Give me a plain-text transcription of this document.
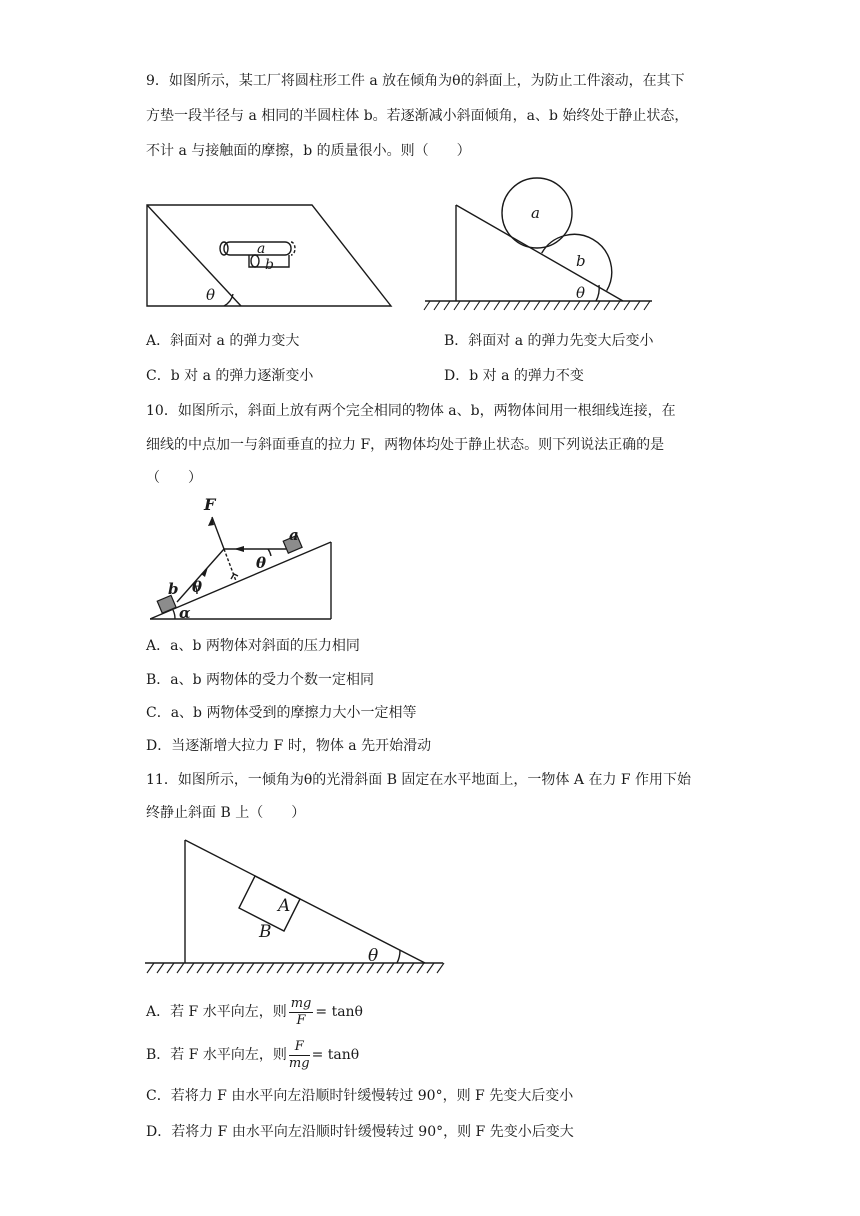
9．如图所示，某工厂将圆柱形工件 a 放在倾角为θ的斜面上，为防止工件滚动，在其下
方垫一段半径与 a 相同的半圆柱体 b。若逐渐减小斜面倾角，a、b 始终处于静止状态，
不计 a 与接触面的摩擦，b 的质量很小。则（　　）
a
b
θ
a
b
θ
A．斜面对 a 的弹力变大	B．斜面对 a 的弹力先变大后变小
C．b 对 a 的弹力逐渐变小	D．b 对 a 的弹力不变
10．如图所示，斜面上放有两个完全相同的物体 a、b，两物体间用一根细线连接，在
细线的中点加一与斜面垂直的拉力 F，两物体均处于静止状态。则下列说法正确的是
（　　）
F
a
b
θ
θ
α
A．a、b 两物体对斜面的压力相同
B．a、b 两物体的受力个数一定相同
C．a、b 两物体受到的摩擦力大小一定相等
D．当逐渐增大拉力 F 时，物体 a 先开始滑动
11．如图所示，一倾角为θ的光滑斜面 B 固定在水平地面上，一物体 A 在力 F 作用下始
终静止斜面 B 上（　　）
A
B
θ
A．若 F 水平向左，则 $\frac{mg}{F} = \tan\theta$
B．若 F 水平向左，则 $\frac{F}{mg} = \tan\theta$
C．若将力 F 由水平向左沿顺时针缓慢转过 90°，则 F 先变大后变小
D．若将力 F 由水平向左沿顺时针缓慢转过 90°，则 F 先变小后变大
